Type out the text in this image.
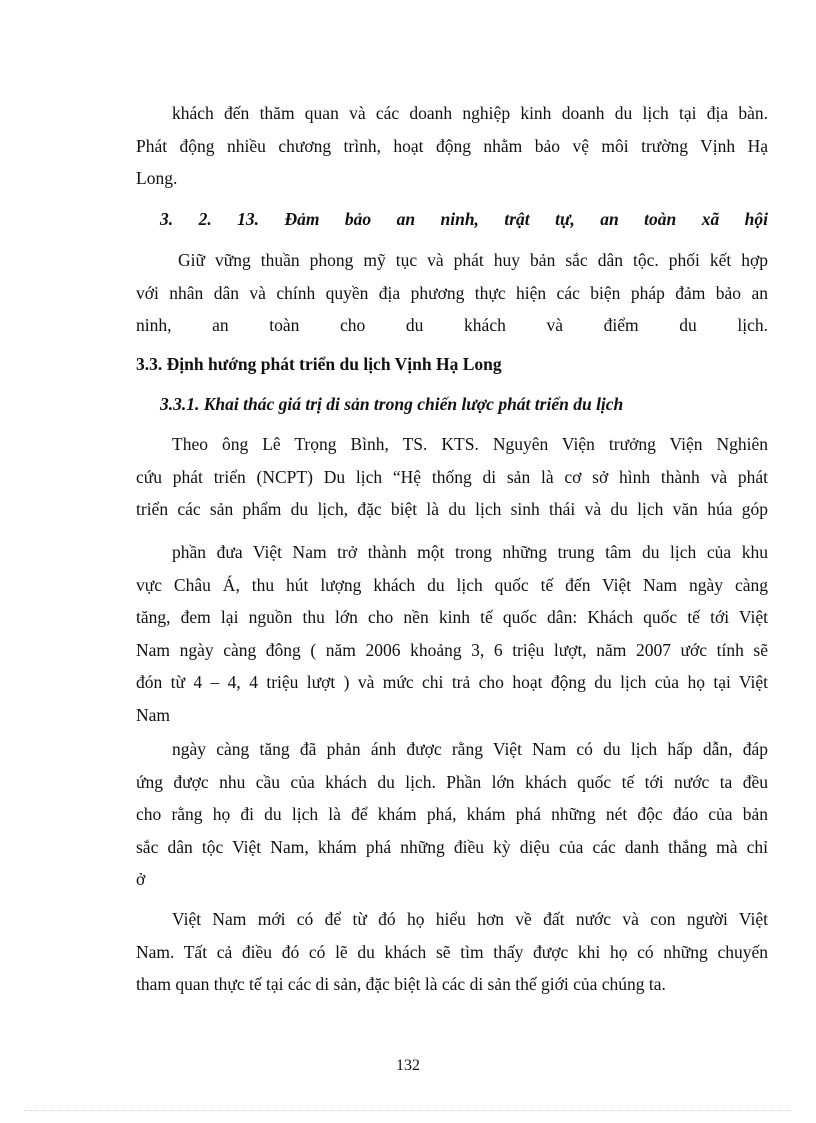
khách đến thăm quan và các doanh nghiệp kinh doanh du lịch tại địa bàn.

Phát động nhiều chương trình, hoạt động nhằm bảo vệ môi trường Vịnh Hạ

Long.

3. 2. 13. Đảm bảo an ninh, trật tự, an toàn xã hội

Giữ vững thuần phong mỹ tục và phát huy bản sắc dân tộc. phối kết hợp

với nhân dân và chính quyền địa phương thực hiện các biện pháp đảm bảo an

ninh, an toàn cho du khách và điểm du lịch.

3.3. Định hướng phát triển du lịch Vịnh Hạ Long
3.3.1. Khai thác giá trị di sản trong chiến lược phát triển du lịch

Theo ông Lê Trọng Bình, TS. KTS. Nguyên Viện trưởng Viện Nghiên

cứu phát triển (NCPT) Du lịch “Hệ thống di sản là cơ sở hình thành và phát

triển các sản phẩm du lịch, đặc biệt là du lịch sinh thái và du lịch văn húa góp

phần đưa Việt Nam trở thành một trong những trung tâm du lịch của khu

vực Châu Á, thu hút lượng khách du lịch quốc tế đến Việt Nam ngày càng

tăng, đem lại nguồn thu lớn cho nền kinh tế quốc dân: Khách quốc tế tới Việt

Nam ngày càng đông ( năm 2006 khoảng 3, 6 triệu lượt, năm 2007 ước tính sẽ

đón từ 4 – 4, 4 triệu lượt ) và mức chi trả cho hoạt động du lịch của họ tại Việt

Nam

ngày càng tăng đã phản ánh được rằng Việt Nam có du lịch hấp dẫn, đáp

ứng được nhu cầu của khách du lịch. Phần lớn khách quốc tế tới nước ta đều

cho rằng họ đi du lịch là để khám phá, khám phá những nét độc đáo của bản

sắc dân tộc Việt Nam, khám phá những điều kỳ diệu của các danh thắng mà chỉ

ở

Việt Nam mới có để từ đó họ hiểu hơn về đất nước và con người Việt

Nam. Tất cả điều đó có lẽ du khách sẽ tìm thấy được khi họ có những chuyến

tham quan thực tế tại các di sản, đặc biệt là các di sản thế giới của chúng ta.

132
